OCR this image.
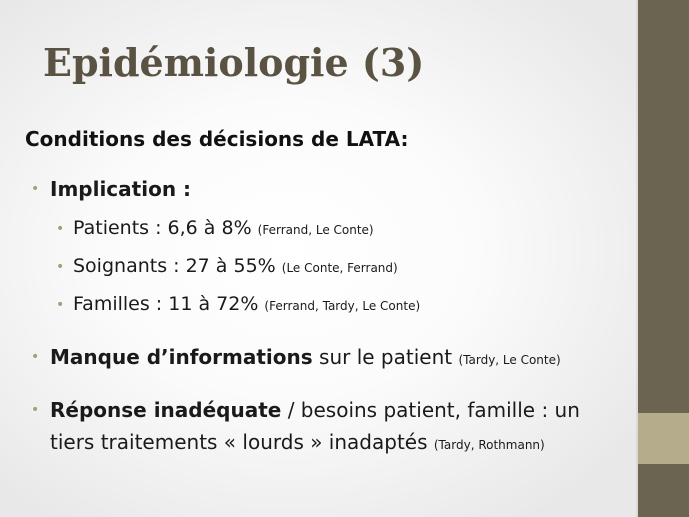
Epidémiologie (3)
Conditions des décisions de LATA:
• Implication :
• Patients : 6,6 à 8% (Ferrand, Le Conte)
• Soignants : 27 à 55% (Le Conte, Ferrand)
• Familles : 11 à 72% (Ferrand, Tardy, Le Conte)
• Manque d’informations sur le patient (Tardy, Le Conte)
• Réponse inadéquate / besoins patient, famille : un
tiers traitements « lourds » inadaptés (Tardy, Rothmann)
